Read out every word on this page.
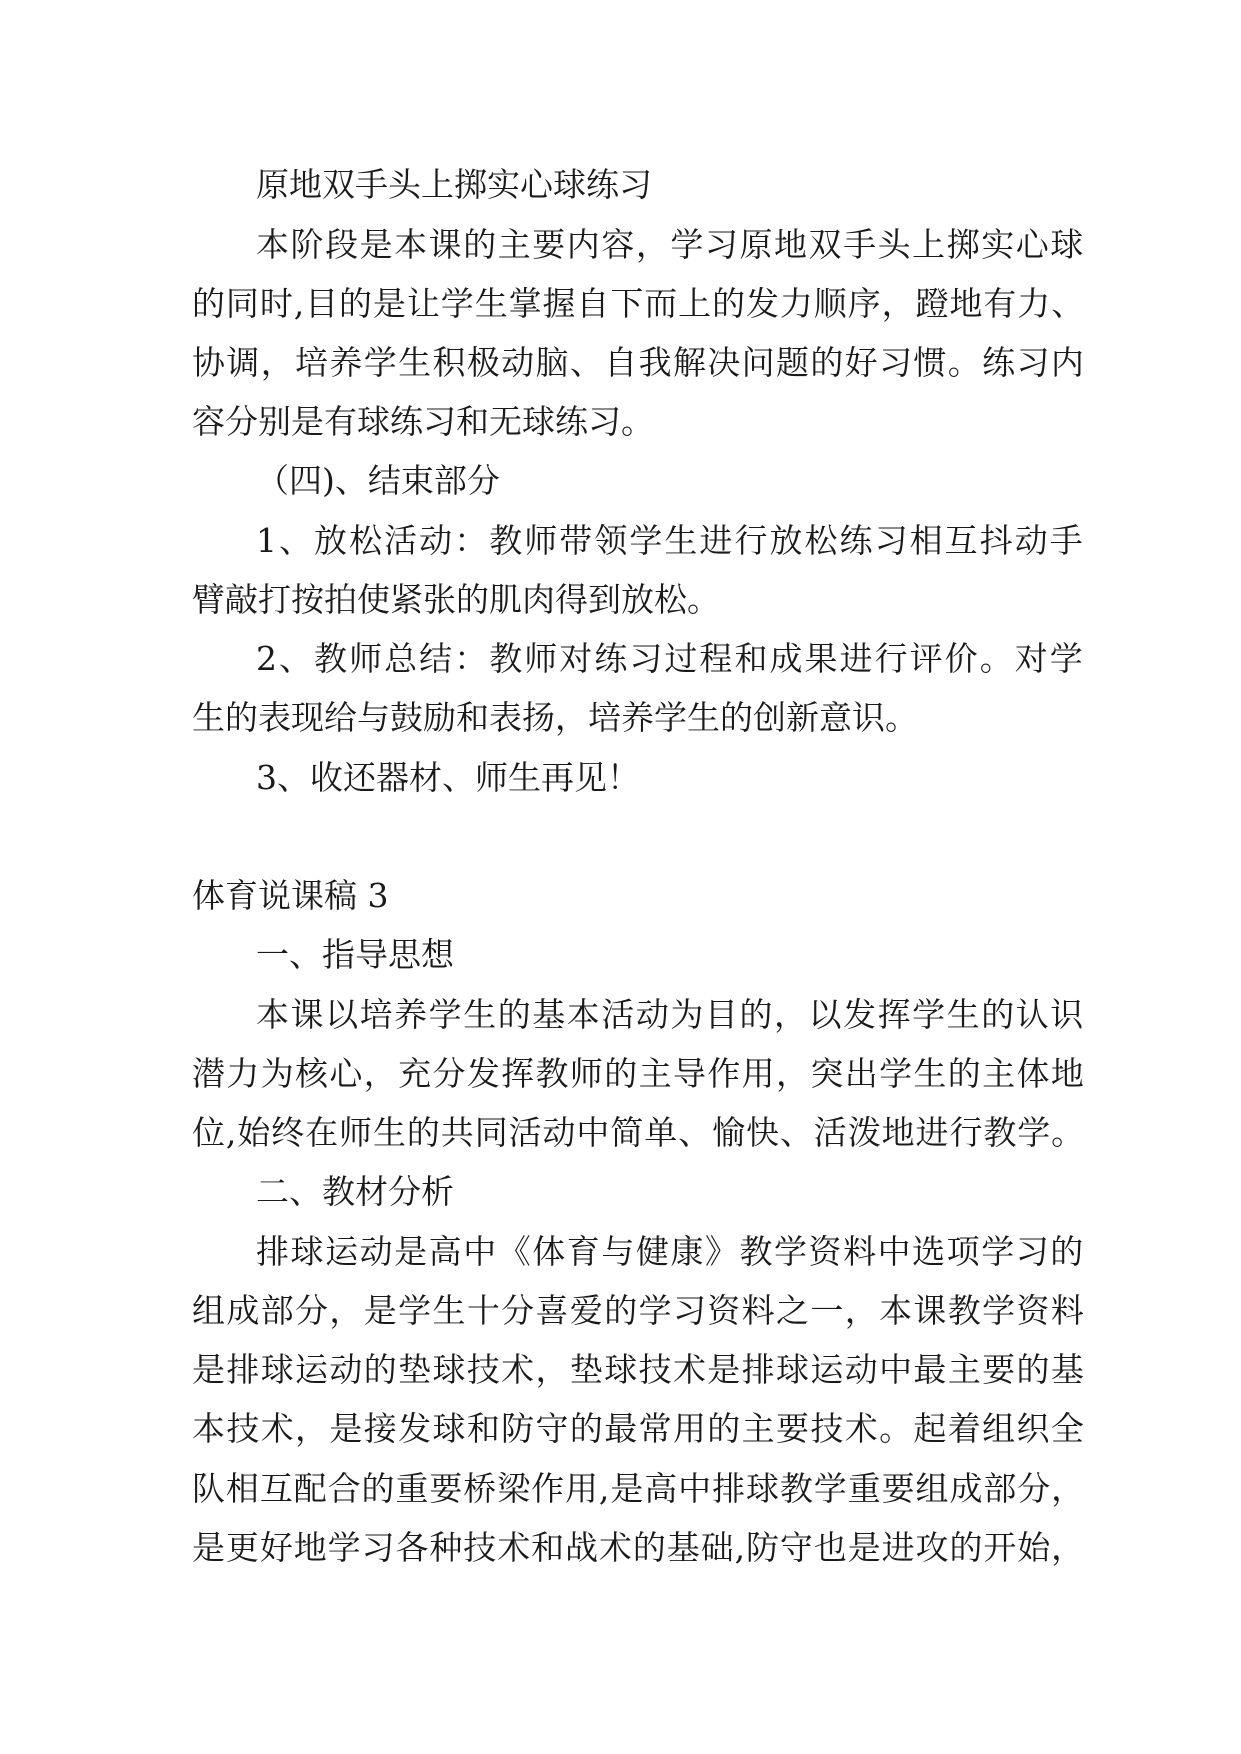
原地双手头上掷实心球练习
本阶段是本课的主要内容，学习原地双手头上掷实心球
的同时,目的是让学生掌握自下而上的发力顺序，蹬地有力、
协调，培养学生积极动脑、自我解决问题的好习惯。练习内
容分别是有球练习和无球练习。
（四)、结束部分
1、放松活动：教师带领学生进行放松练习相互抖动手
臂敲打按拍使紧张的肌肉得到放松。
2、教师总结：教师对练习过程和成果进行评价。对学
生的表现给与鼓励和表扬，培养学生的创新意识。
3、收还器材、师生再见！
体育说课稿 3
一、指导思想
本课以培养学生的基本活动为目的，以发挥学生的认识
潜力为核心，充分发挥教师的主导作用，突出学生的主体地
位,始终在师生的共同活动中简单、愉快、活泼地进行教学。
二、教材分析
排球运动是高中《体育与健康》教学资料中选项学习的
组成部分，是学生十分喜爱的学习资料之一，本课教学资料
是排球运动的垫球技术，垫球技术是排球运动中最主要的基
本技术，是接发球和防守的最常用的主要技术。起着组织全
队相互配合的重要桥梁作用,是高中排球教学重要组成部分，
是更好地学习各种技术和战术的基础,防守也是进攻的开始，
